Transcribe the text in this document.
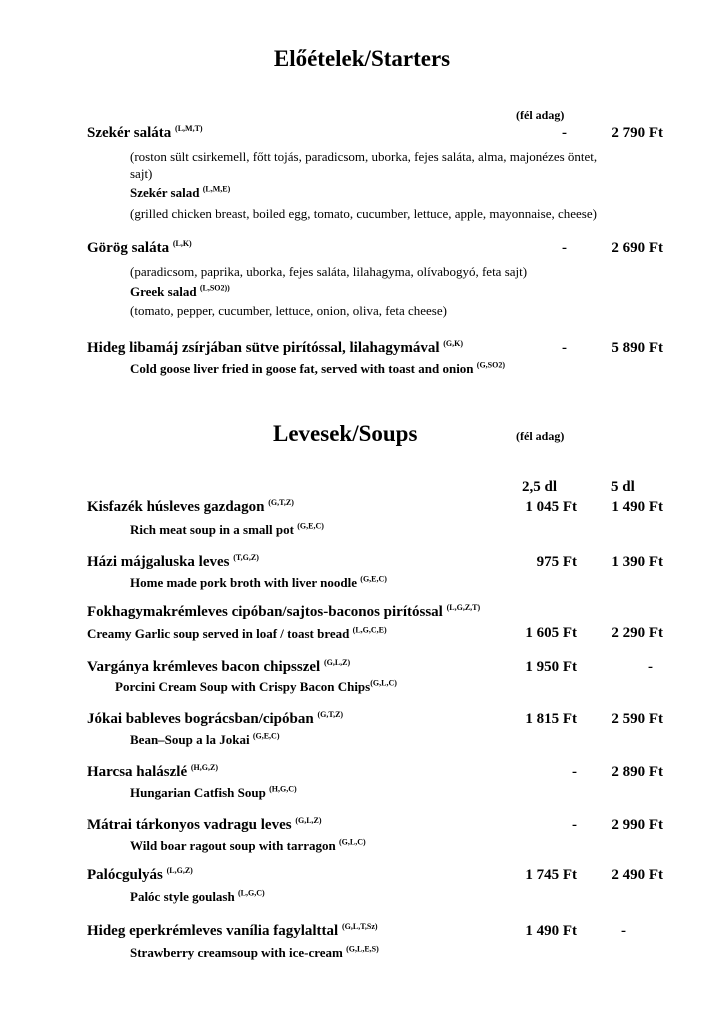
Előételek/Starters
(fél adag)
Szekér saláta $^{(L,M,T)}$	-	2 790 Ft
(roston sült csirkemell, főtt tojás, paradicsom, uborka, fejes saláta, alma, majonézes öntet,
sajt)
Szekér salad $^{(L,M,E)}$
(grilled chicken breast, boiled egg, tomato, cucumber, lettuce, apple, mayonnaise, cheese)
Görög saláta $^{(L,K)}$	-	2 690 Ft
(paradicsom, paprika, uborka, fejes saláta, lilahagyma, olívabogyó, feta sajt)
Greek salad $^{(L,SO2))}$
(tomato, pepper, cucumber, lettuce, onion, oliva, feta cheese)
Hideg libamáj zsírjában sütve pirítóssal, lilahagymával $^{(G,K)}$	-	5 890 Ft
Cold goose liver fried in goose fat, served with toast and onion $^{(G,SO2)}$
Levesek/Soups	(fél adag)
2,5 dl	5 dl
Kisfazék húsleves gazdagon $^{(G,T,Z)}$	1 045 Ft	1 490 Ft
Rich meat soup in a small pot $^{(G,E,C)}$
Házi májgaluska leves $^{(T,G,Z)}$	975 Ft	1 390 Ft
Home made pork broth with liver noodle $^{(G,E,C)}$
Fokhagymakrémleves cipóban/sajtos-baconos pirítóssal $^{(L,G,Z,T)}$
Creamy Garlic soup served in loaf / toast bread $^{(L,G,C,E)}$	1 605 Ft	2 290 Ft
Vargánya krémleves bacon chipsszel $^{(G,L,Z)}$	1 950 Ft	-
Porcini Cream Soup with Crispy Bacon Chips$^{(G,L,C)}$
Jókai bableves bográcsban/cipóban $^{(G,T,Z)}$	1 815 Ft	2 590 Ft
Bean–Soup a la Jokai $^{(G,E,C)}$
Harcsa halászlé $^{(H,G,Z)}$	-	2 890 Ft
Hungarian Catfish Soup $^{(H,G,C)}$
Mátrai tárkonyos vadragu leves $^{(G,L,Z)}$	-	2 990 Ft
Wild boar ragout soup with tarragon $^{(G,L,C)}$
Palócgulyás $^{(L,G,Z)}$	1 745 Ft	2 490 Ft
Palóc style goulash $^{(L,G,C)}$
Hideg eperkrémleves vanília fagylalttal $^{(G,L,T,Sz)}$	1 490 Ft	-
Strawberry creamsoup with ice-cream $^{(G,L,E,S)}$
